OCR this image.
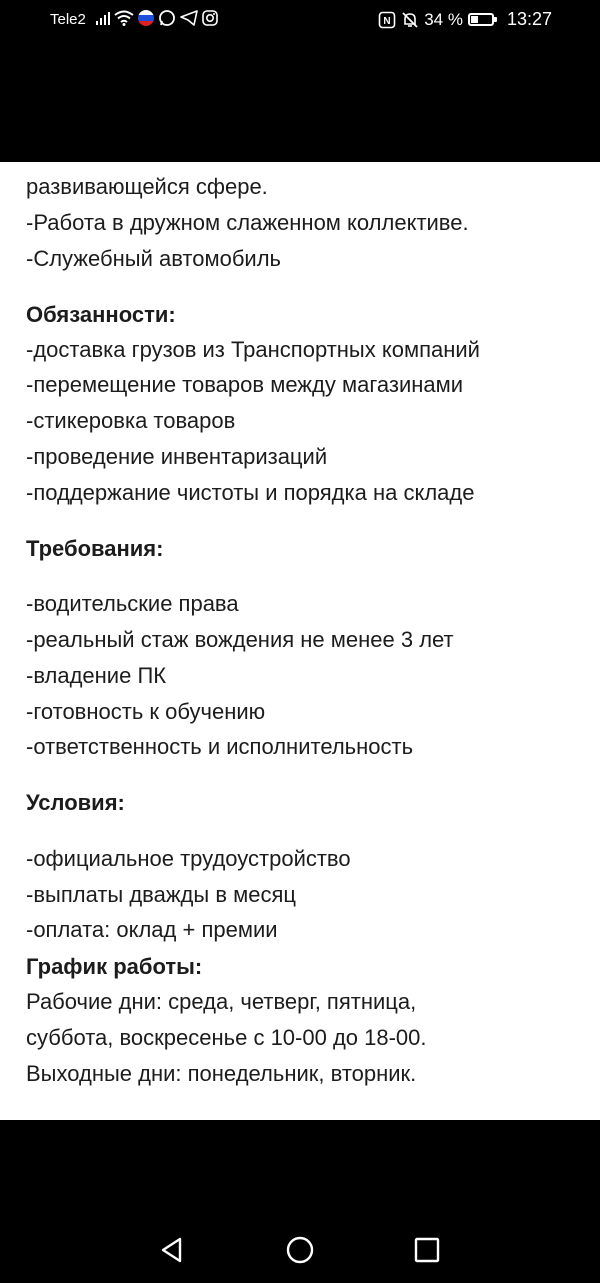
Tele2	N 34 % 13:27

развивающейся сфере.
-Работа в дружном слаженном коллективе.
-Служебный автомобиль
Обязанности:
-доставка грузов из Транспортных компаний
-перемещение товаров между магазинами
-стикеровка товаров
-проведение инвентаризаций
-поддержание чистоты и порядка на складе
Требования:
-водительские права
-реальный стаж вождения не менее 3 лет
-владение ПК
-готовность к обучению
-ответственность и исполнительность
Условия:
-официальное трудоустройство
-выплаты дважды в месяц
-оплата: оклад + премии
График работы:
Рабочие дни: среда, четверг, пятница,
суббота, воскресенье с 10-00 до 18-00.
Выходные дни: понедельник, вторник.
